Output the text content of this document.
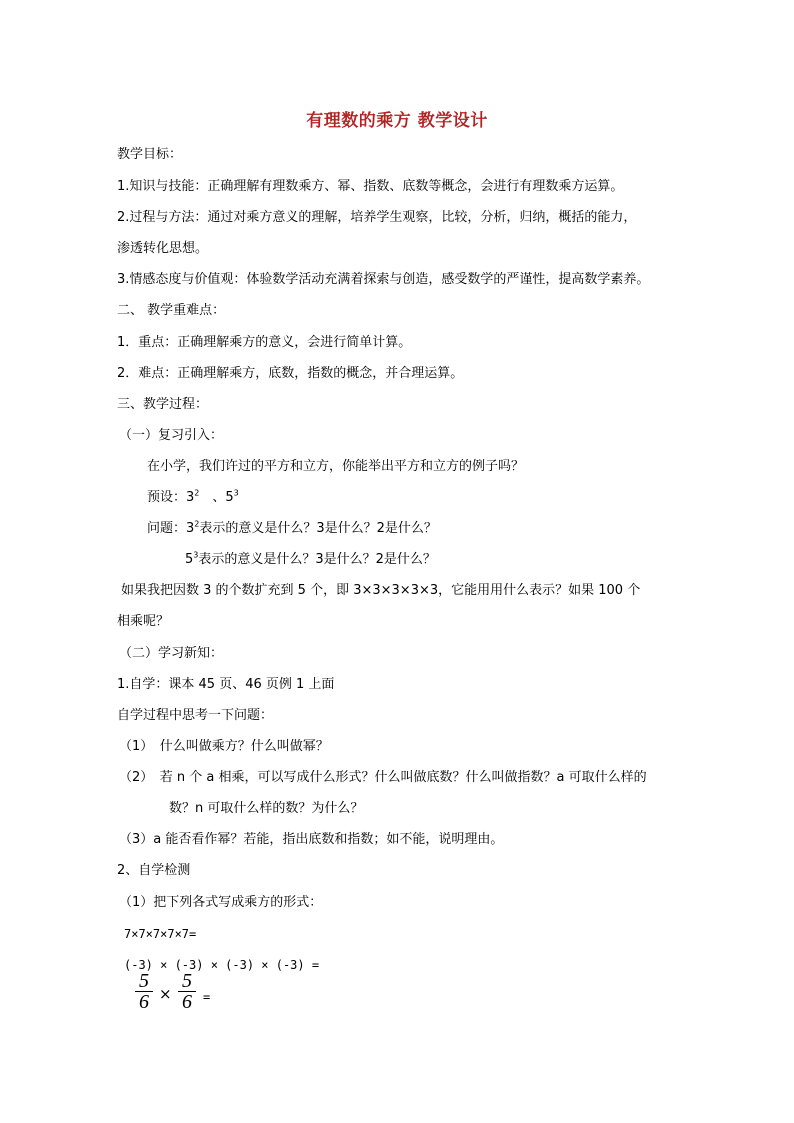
有理数的乘方 教学设计
教学目标：
1.知识与技能：正确理解有理数乘方、幂、指数、底数等概念，会进行有理数乘方运算。
2.过程与方法：通过对乘方意义的理解，培养学生观察，比较，分析，归纳，概括的能力，
渗透转化思想。
3.情感态度与价值观：体验数学活动充满着探索与创造，感受数学的严谨性，提高数学素养。
二、 教学重难点：
1．重点：正确理解乘方的意义，会进行简单计算。
2．难点：正确理解乘方，底数，指数的概念，并合理运算。
三、教学过程：
（一）复习引入：
在小学，我们许过的平方和立方，你能举出平方和立方的例子吗？
预设：$3^2$　、$5^3$
问题：$3^2$表示的意义是什么？3是什么？2是什么？
$5^3$表示的意义是什么？3是什么？2是什么？
如果我把因数 3 的个数扩充到 5 个，即 3×3×3×3×3，它能用用什么表示？如果 100 个
相乘呢？
（二）学习新知：
1.自学：课本 45 页、46 页例 1 上面
自学过程中思考一下问题：
（1）　什么叫做乘方？什么叫做幂？
（2）　若 n 个 a 相乘，可以写成什么形式？什么叫做底数？什么叫做指数？a 可取什么样的
数？n 可取什么样的数？为什么？
（3）a 能否看作幂？若能，指出底数和指数；如不能，说明理由。
2、自学检测
（1）把下列各式写成乘方的形式：
7×7×7×7×7=
(-3) × (-3) × (-3) × (-3) =
5
6 ×
5
6 =
